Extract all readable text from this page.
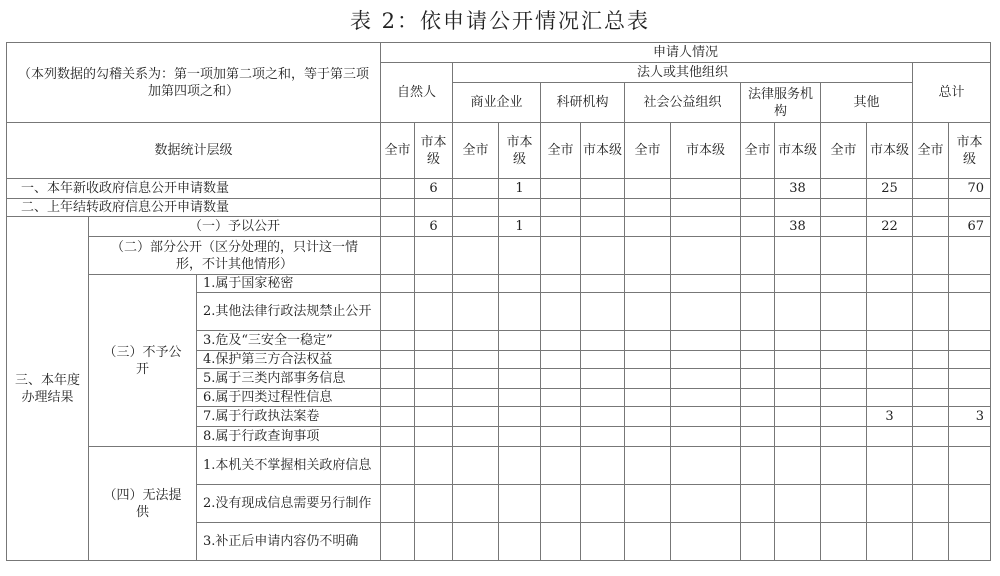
表 2：依申请公开情况汇总表
（本列数据的勾稽关系为：第一项加第二项之和，等于第三项加第四项之和）			申请人情况													
			自然人		法人或其他组织										总计	
					商业企业		科研机构		社会公益组织		法律服务机构		其他			
数据统计层级			全市	市本级	全市	市本级	全市	市本级	全市	市本级	全市	市本级	全市	市本级	全市	市本级
一、本年新收政府信息公开申请数量				6		1						38		25		70
二、上年结转政府信息公开申请数量																
三、本年度办理结果	（一）予以公开			6		1						38		22		67
	（二）部分公开（区分处理的，只计这一情形，不计其他情形）															
	（三）不予公开	1.属于国家秘密														
		2.其他法律行政法规禁止公开														
		3.危及“三安全一稳定”														
		4.保护第三方合法权益														
		5.属于三类内部事务信息														
		6.属于四类过程性信息														
		7.属于行政执法案卷												3		3
		8.属于行政查询事项														
	（四）无法提供	1.本机关不掌握相关政府信息														
		2.没有现成信息需要另行制作														
		3.补正后申请内容仍不明确														
